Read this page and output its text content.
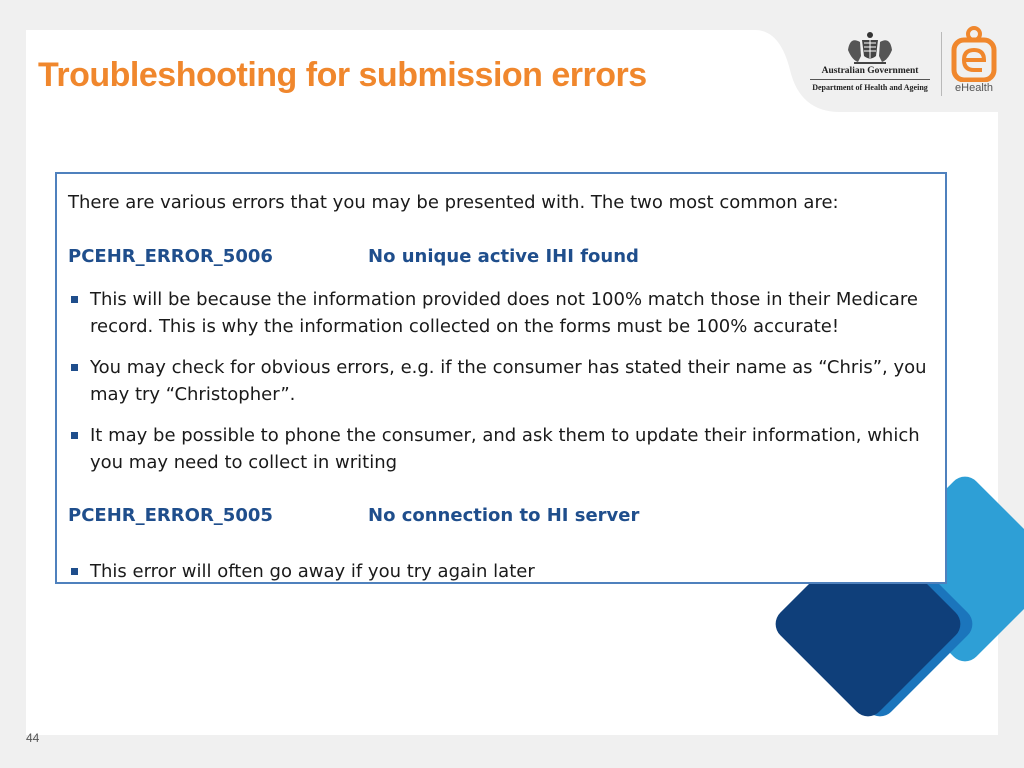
Troubleshooting for submission errors	Australian Government
Department of Health and Ageing	eHealth

There are various errors that you may be presented with. The two most common are:

PCEHR_ERROR_5006	No unique active IHI found
This will be because the information provided does not 100% match those in their Medicare record. This is why the information collected on the forms must be 100% accurate!
You may check for obvious errors, e.g. if the consumer has stated their name as “Chris”, you may try “Christopher”.
It may be possible to phone the consumer, and ask them to update their information, which you may need to collect in writing
PCEHR_ERROR_5005	No connection to HI server
This error will often go away if you try again later
44
